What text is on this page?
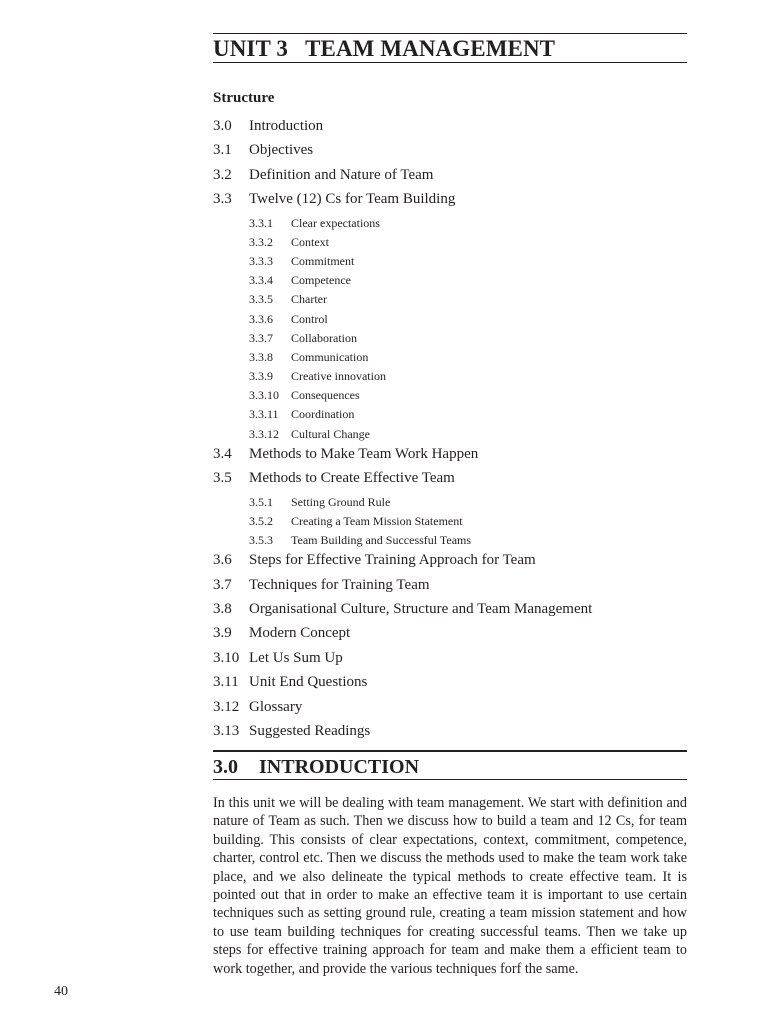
UNIT 3   TEAM MANAGEMENT
Structure
3.0 Introduction
3.1 Objectives
3.2 Definition and Nature of Team
3.3 Twelve (12) Cs for Team Building
3.3.1 Clear expectations
3.3.2 Context
3.3.3 Commitment
3.3.4 Competence
3.3.5 Charter
3.3.6 Control
3.3.7 Collaboration
3.3.8 Communication
3.3.9 Creative innovation
3.3.10 Consequences
3.3.11 Coordination
3.3.12 Cultural Change
3.4 Methods to Make Team Work Happen
3.5 Methods to Create Effective Team
3.5.1 Setting Ground Rule
3.5.2 Creating a Team Mission Statement
3.5.3 Team Building and Successful Teams
3.6 Steps for Effective Training Approach for Team
3.7 Techniques for Training Team
3.8 Organisational Culture, Structure and Team Management
3.9 Modern Concept
3.10 Let Us Sum Up
3.11 Unit End Questions
3.12 Glossary
3.13 Suggested Readings
3.0 INTRODUCTION

In this unit we will be dealing with team management. We start with definition and nature of Team as such. Then we discuss how to build a team and 12 Cs, for team building. This consists of clear expectations, context, commitment, competence, charter, control etc. Then we discuss the methods used to make the team work take place, and we also delineate the typical methods to create effective team. It is pointed out that in order to make an effective team it is important to use certain techniques such as setting ground rule, creating a team mission statement and how to use team building techniques for creating successful teams. Then we take up steps for effective training approach for team and make them a efficient team to work together, and provide the various techniques forf the same.

40
